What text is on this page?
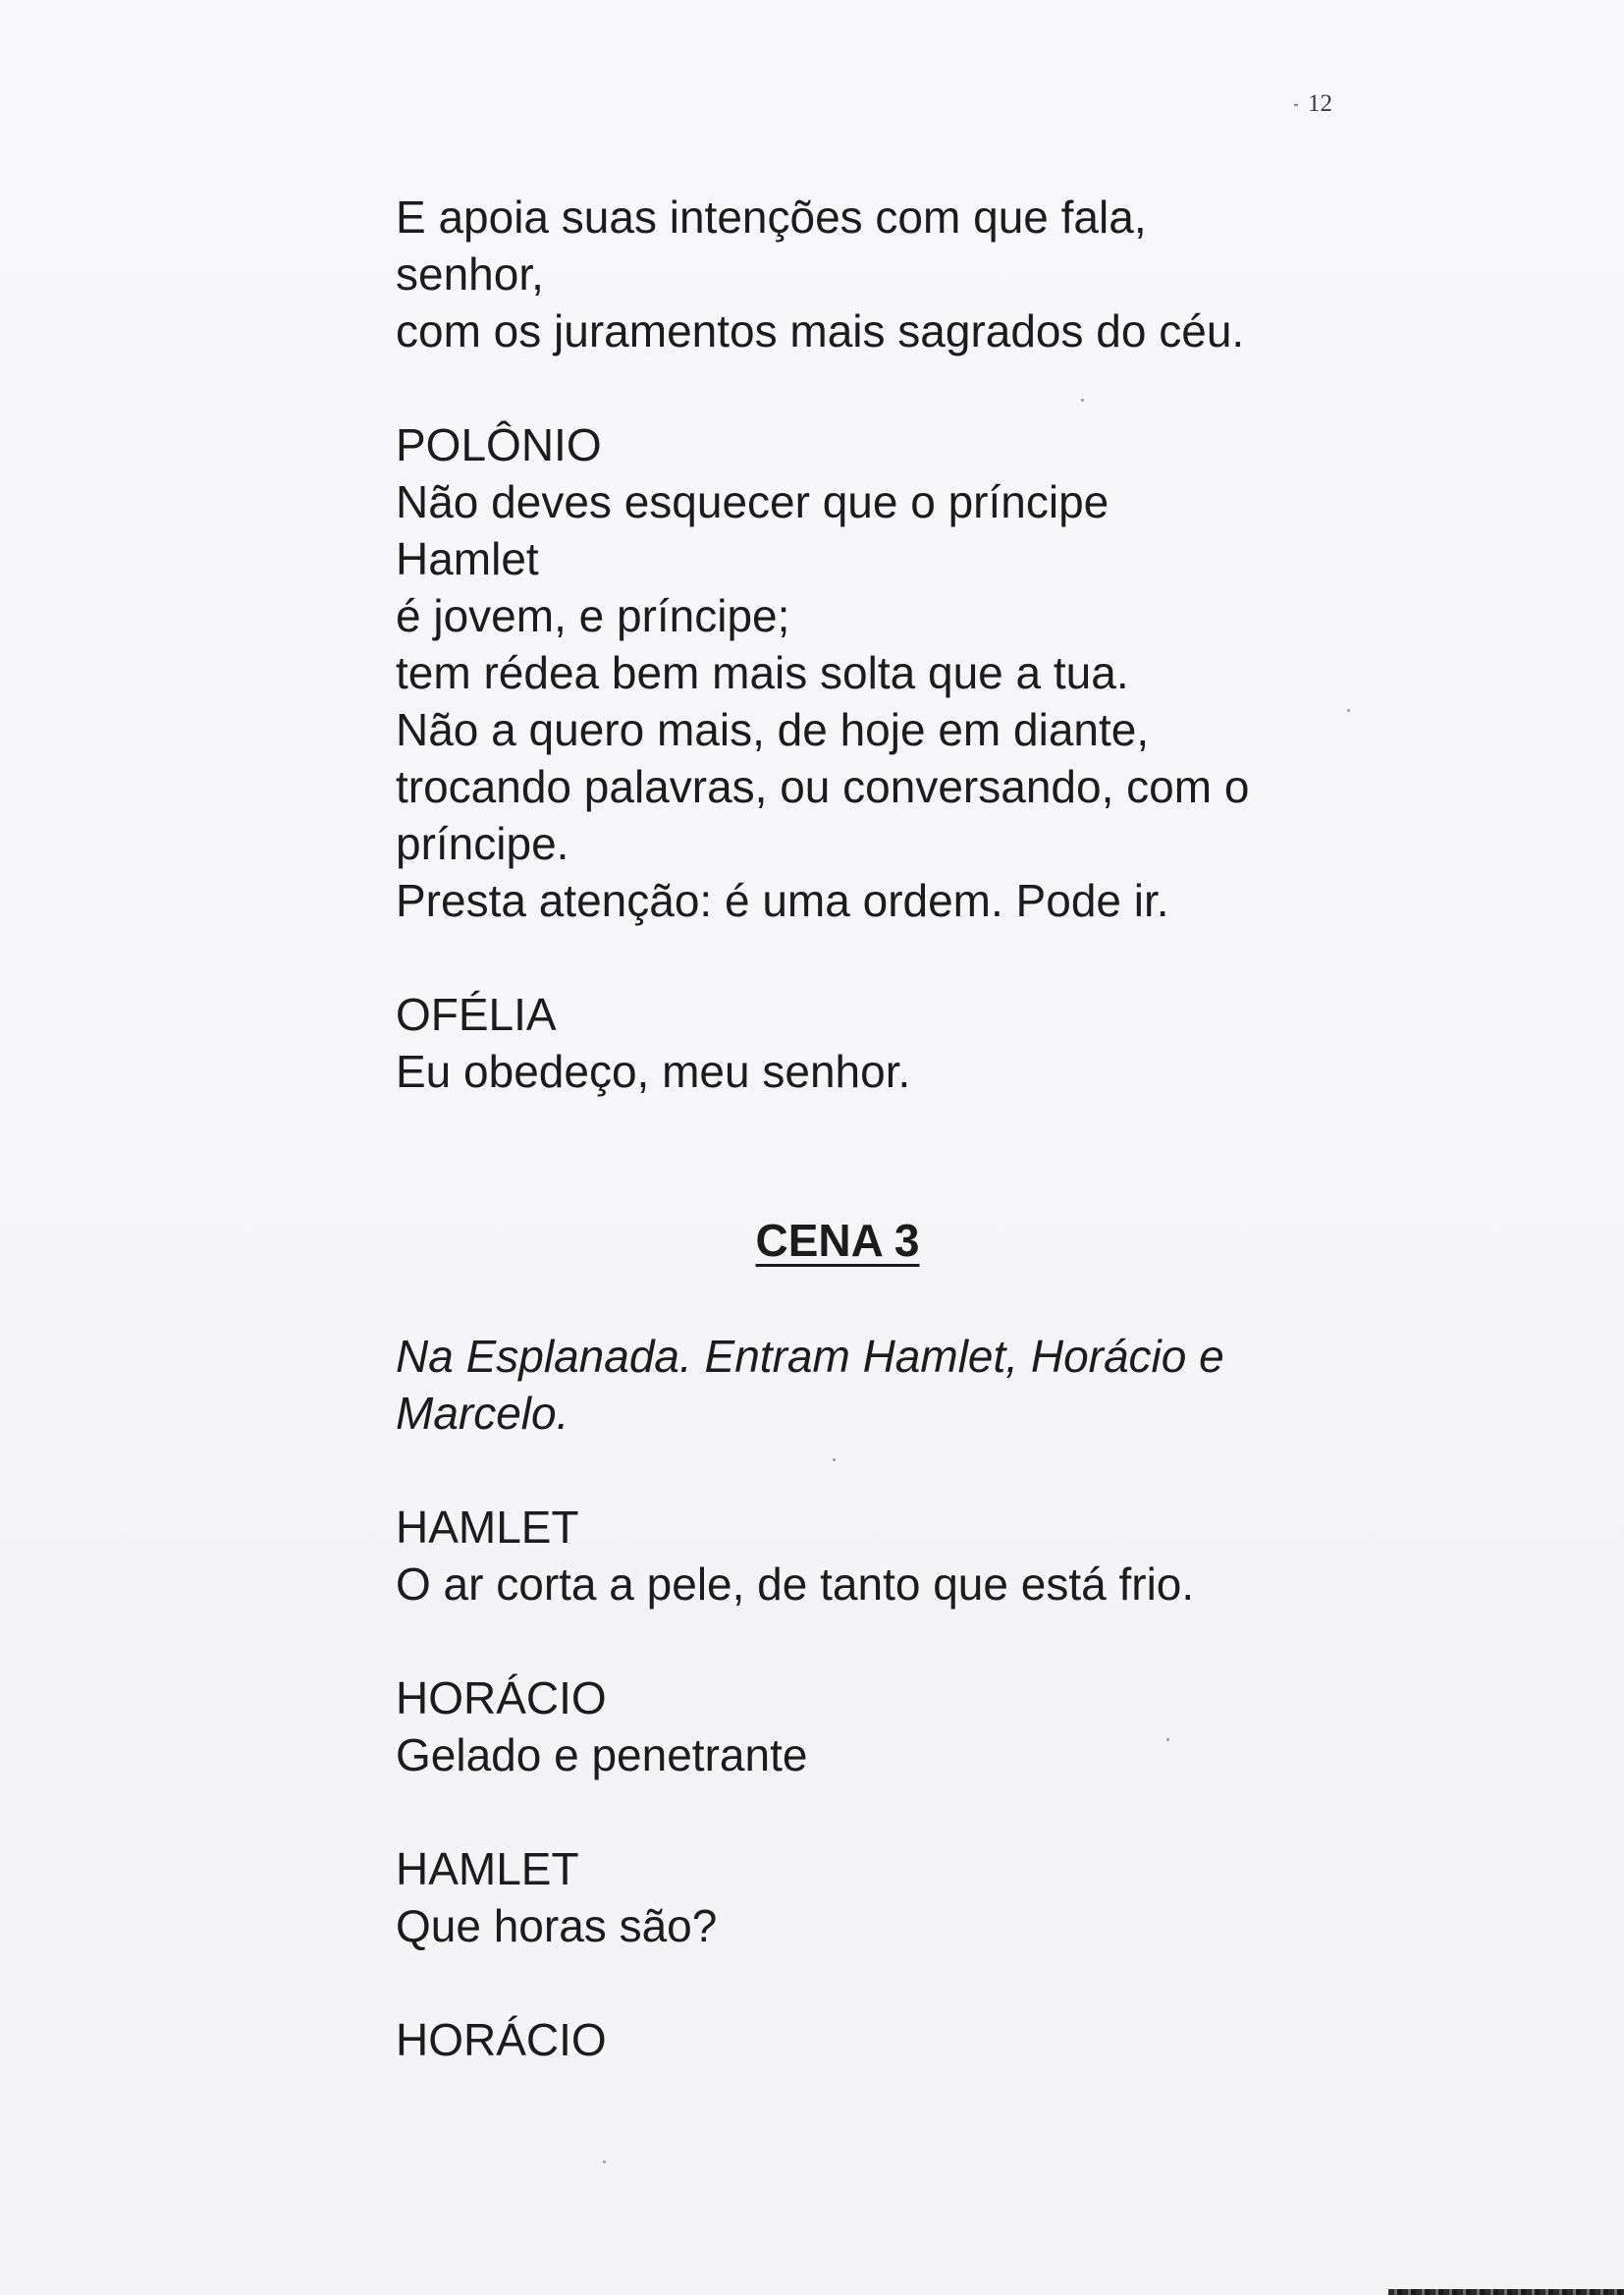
12
E apoia suas intenções com que fala,
senhor,
com os juramentos mais sagrados do céu.
POLÔNIO
Não deves esquecer que o príncipe
Hamlet
é jovem, e príncipe;
tem rédea bem mais solta que a tua.
Não a quero mais, de hoje em diante,
trocando palavras, ou conversando, com o
príncipe.
Presta atenção: é uma ordem. Pode ir.
OFÉLIA
Eu obedeço, meu senhor.
CENA 3
Na Esplanada. Entram Hamlet, Horácio e
Marcelo.
HAMLET
O ar corta a pele, de tanto que está frio.
HORÁCIO
Gelado e penetrante
HAMLET
Que horas são?
HORÁCIO
